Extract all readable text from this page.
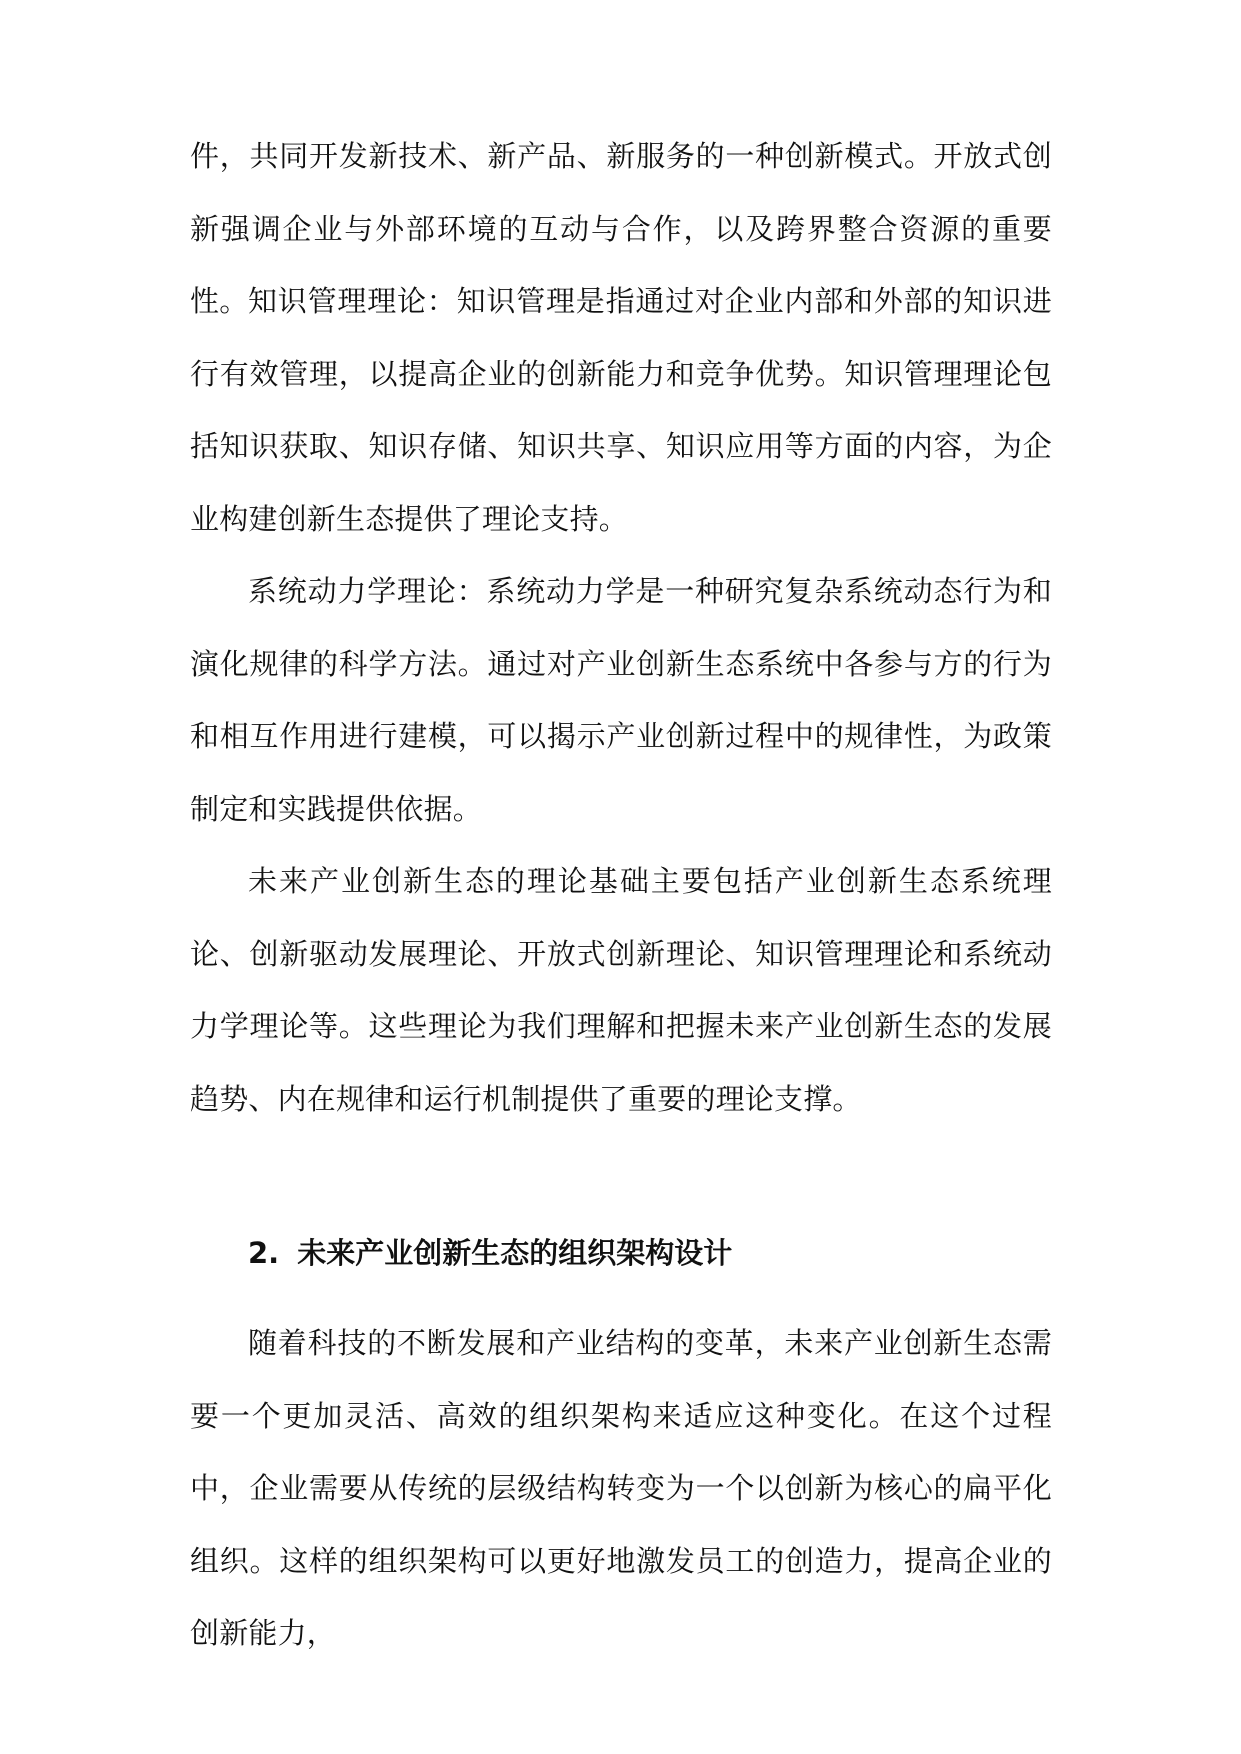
件，共同开发新技术、新产品、新服务的一种创新模式。开放式创新强调企业与外部环境的互动与合作，以及跨界整合资源的重要性。 知识管理理论：知识管理是指通过对企业内部和外部的知识进行有效管理，以提高企业的创新能力和竞争优势。知识管理理论包括知识获取、知识存储、知识共享、知识应用等方面的内容，为企业构建创新生态提供了理论支持。

系统动力学理论：系统动力学是一种研究复杂系统动态行为和演化规律的科学方法。通过对产业创新生态系统中各参与方的行为和相互作用进行建模，可以揭示产业创新过程中的规律性，为政策制定和实践提供依据。

未来产业创新生态的理论基础主要包括产业创新生态系统理论、创新驱动发展理论、开放式创新理论、知识管理理论和系统动力学理论等。这些理论为我们理解和把握未来产业创新生态的发展趋势、内在规律和运行机制提供了重要的理论支撑。

2. 未来产业创新生态的组织架构设计

随着科技的不断发展和产业结构的变革，未来产业创新生态需要一个更加灵活、高效的组织架构来适应这种变化。在这个过程中，企业需要从传统的层级结构转变为一个以创新为核心的扁平化组织。这样的组织架构可以更好地激发员工的创造力，提高企业的创新能力，
